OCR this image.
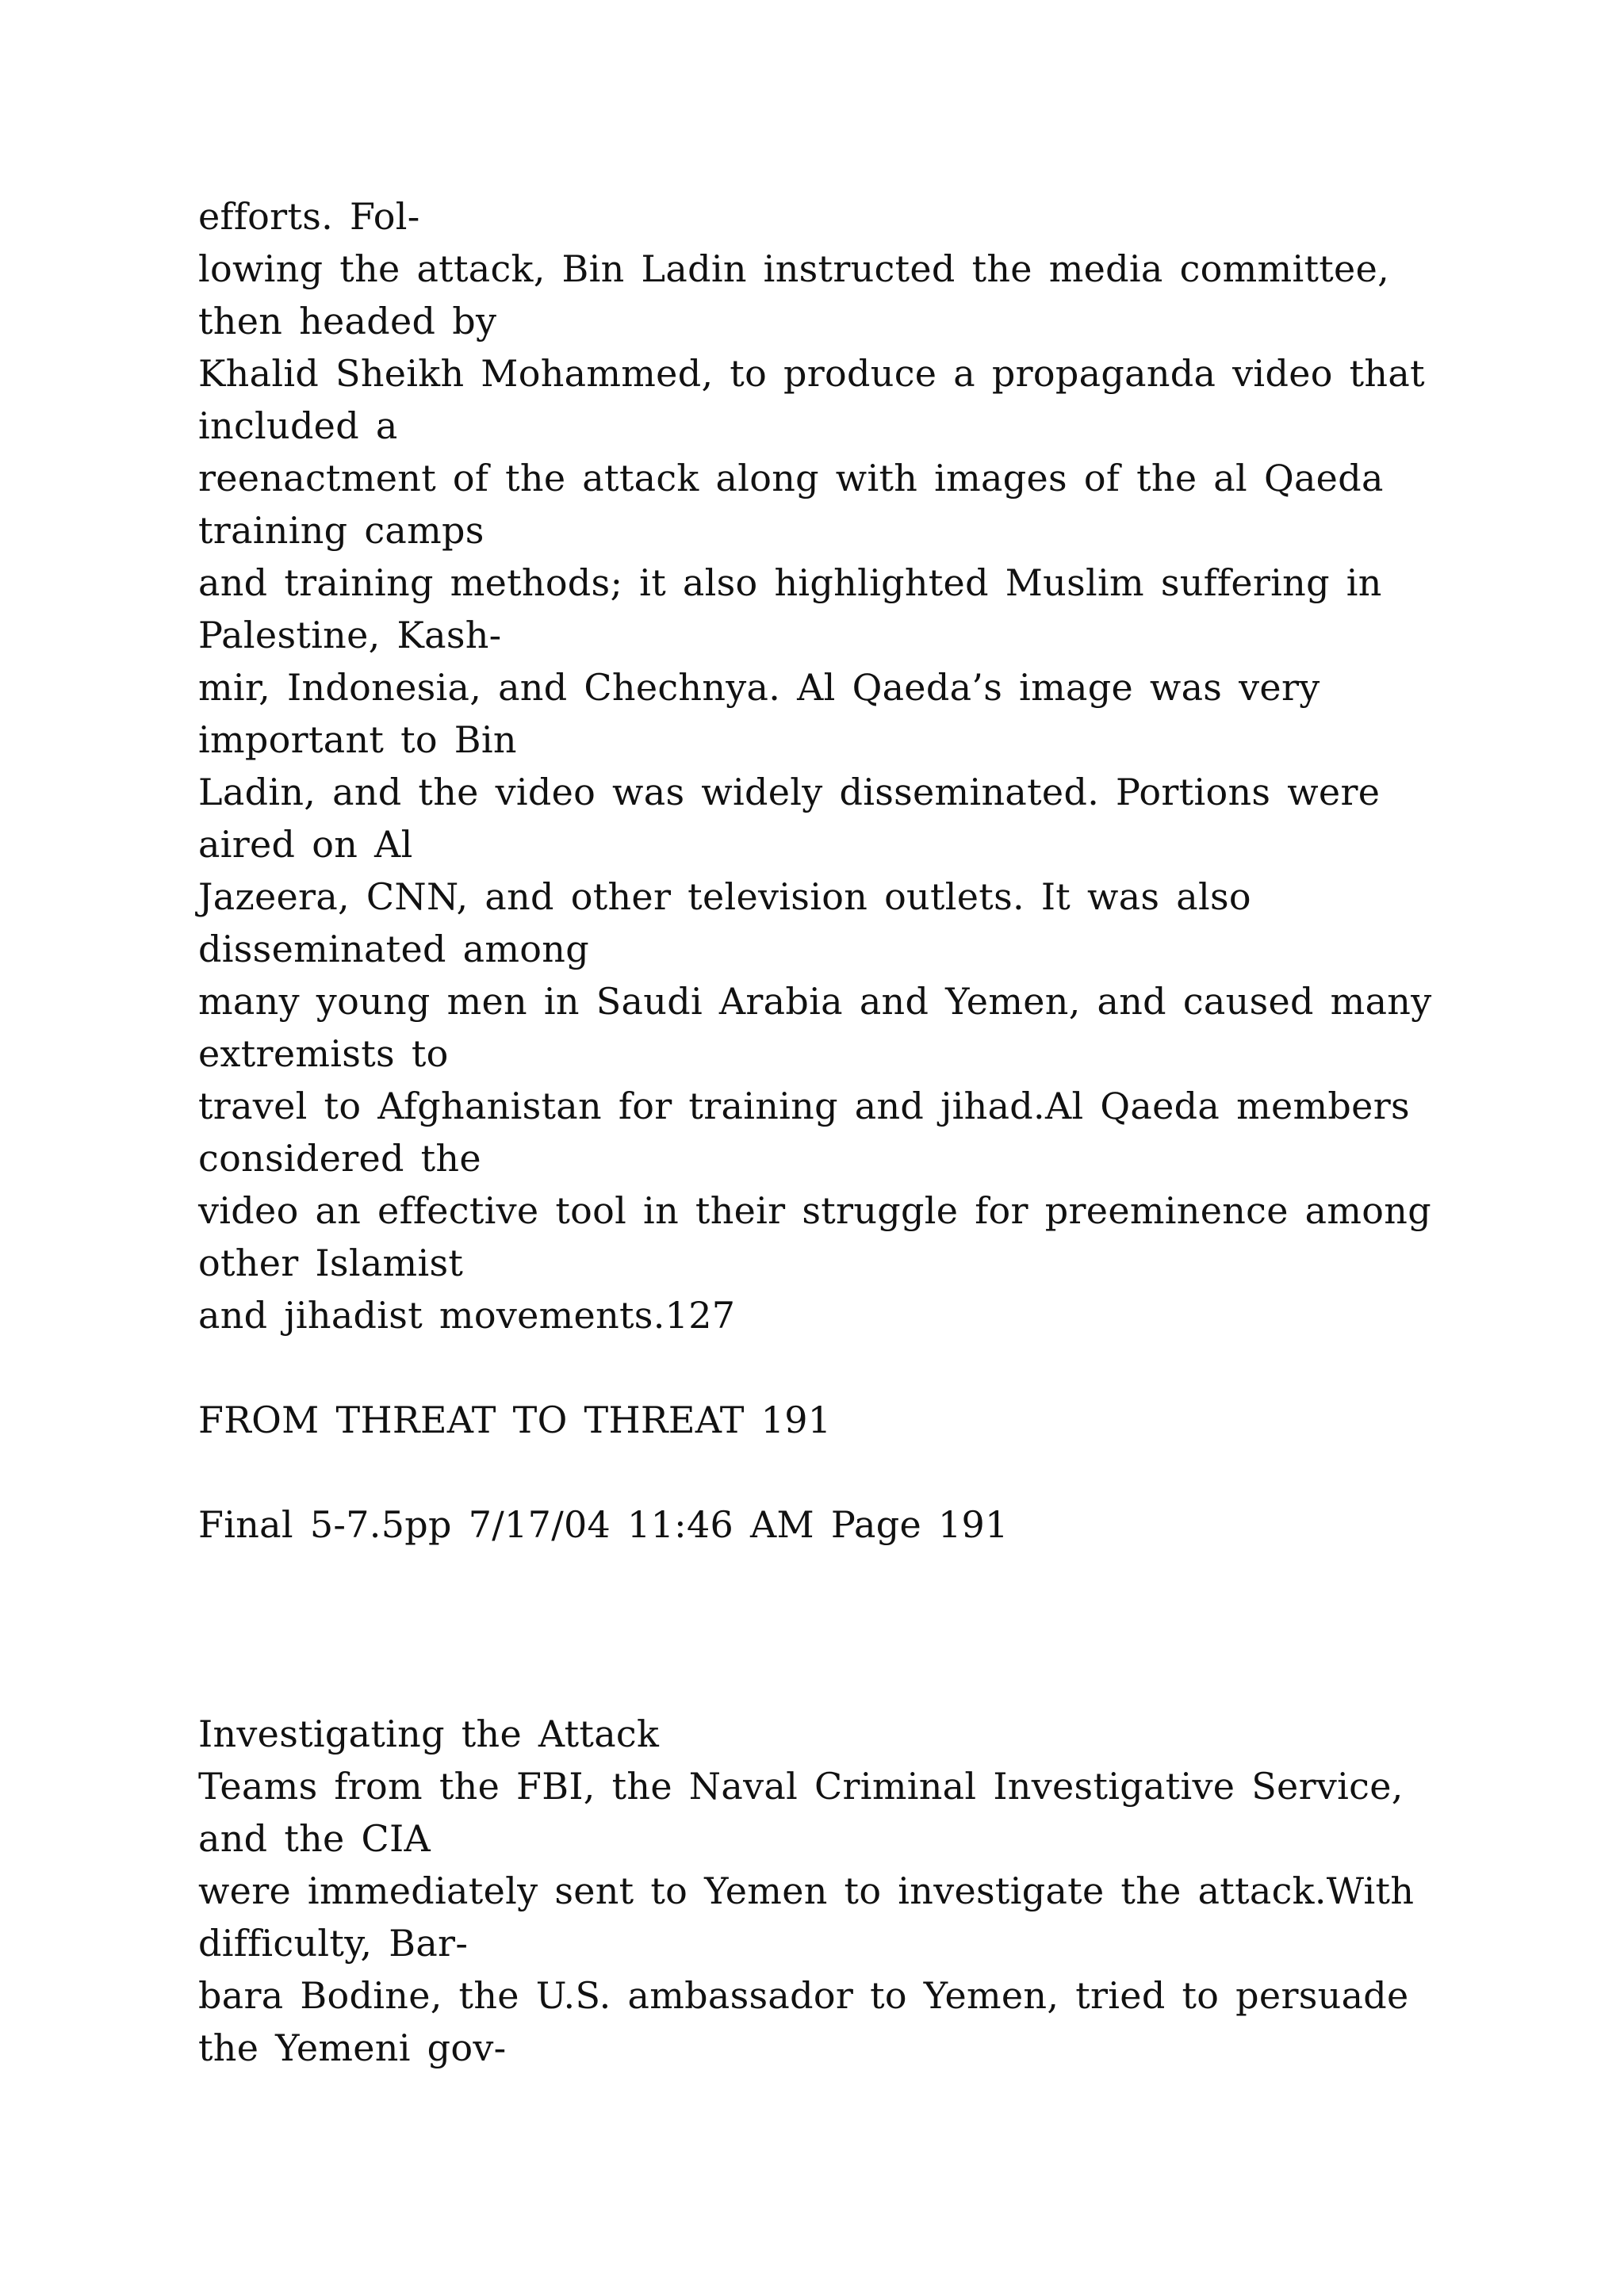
efforts. Fol-
lowing the attack, Bin Ladin instructed the media committee,
then headed by
Khalid Sheikh Mohammed, to produce a propaganda video that
included a
reenactment of the attack along with images of the al Qaeda
training camps
and training methods; it also highlighted Muslim suffering in
Palestine, Kash-
mir, Indonesia, and Chechnya. Al Qaeda’s image was very
important to Bin
Ladin, and the video was widely disseminated. Portions were
aired on Al
Jazeera, CNN, and other television outlets. It was also
disseminated among
many young men in Saudi Arabia and Yemen, and caused many
extremists to
travel to Afghanistan for training and jihad.Al Qaeda members
considered the
video an effective tool in their struggle for preeminence among
other Islamist
and jihadist movements.127
FROM THREAT TO THREAT 191
Final 5-7.5pp 7/17/04 11:46 AM Page 191
Investigating the Attack
Teams from the FBI, the Naval Criminal Investigative Service,
and the CIA
were immediately sent to Yemen to investigate the attack.With
difficulty, Bar-
bara Bodine, the U.S. ambassador to Yemen, tried to persuade
the Yemeni gov-
